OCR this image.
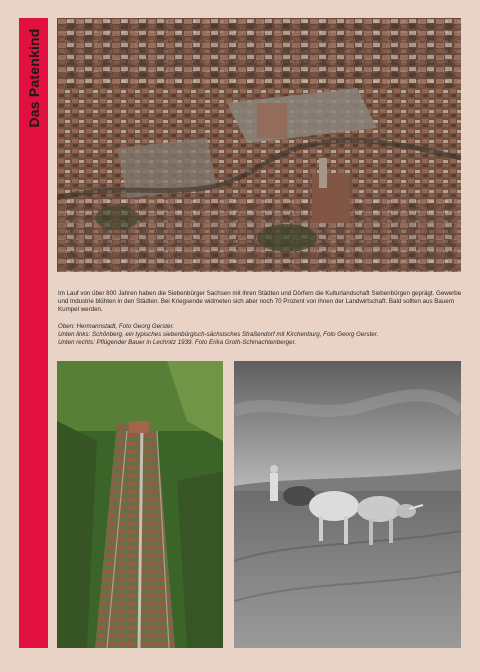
Das Patenkind

Im Lauf von über 800 Jahren haben die Siebenbürger Sachsen mit ihren Städten und Dörfern die Kulturlandschaft Siebenbürgen geprägt. Gewerbe und Industrie blühten in den Städten. Bei Kriegsende widmeten sich aber noch 70 Prozent von ihnen der Landwirtschaft. Bald sollten aus Bauern Kumpel werden.

Oben: Hermannstadt, Foto Georg Gerster.
Unten links: Schönberg, ein typisches siebenbürgisch-sächsisches Straßendorf mit Kirchenburg, Foto Georg Gerster.
Unten rechts: Pflügender Bauer in Lechnitz 1939. Foto Erika Groth-Schmachtenberger.
